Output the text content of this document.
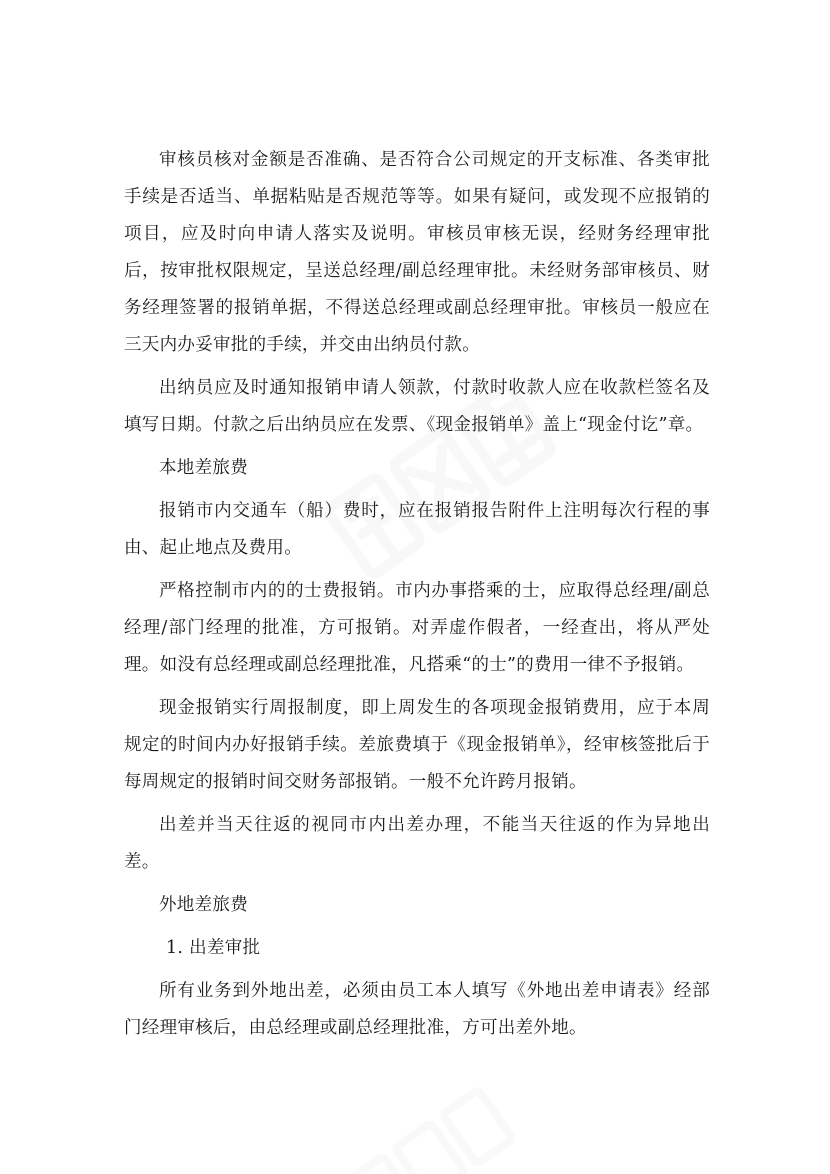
审核员核对金额是否准确、是否符合公司规定的开支标准、各类审批手续是否适当、单据粘贴是否规范等等。如果有疑问，或发现不应报销的项目，应及时向申请人落实及说明。审核员审核无误，经财务经理审批后，按审批权限规定，呈送总经理/副总经理审批。未经财务部审核员、财务经理签署的报销单据，不得送总经理或副总经理审批。审核员一般应在三天内办妥审批的手续，并交由出纳员付款。

出纳员应及时通知报销申请人领款，付款时收款人应在收款栏签名及填写日期。付款之后出纳员应在发票、《现金报销单》盖上“现金付讫”章。

本地差旅费

报销市内交通车（船）费时，应在报销报告附件上注明每次行程的事由、起止地点及费用。

严格控制市内的的士费报销。市内办事搭乘的士，应取得总经理/副总经理/部门经理的批准，方可报销。对弄虚作假者，一经查出，将从严处理。如没有总经理或副总经理批准，凡搭乘“的士”的费用一律不予报销。

现金报销实行周报制度，即上周发生的各项现金报销费用，应于本周规定的时间内办好报销手续。差旅费填于《现金报销单》，经审核签批后于每周规定的报销时间交财务部报销。一般不允许跨月报销。

出差并当天往返的视同市内出差办理，不能当天往返的作为异地出差。

外地差旅费

1. 出差审批

所有业务到外地出差，必须由员工本人填写《外地出差申请表》经部门经理审核后，由总经理或副总经理批准，方可出差外地。
